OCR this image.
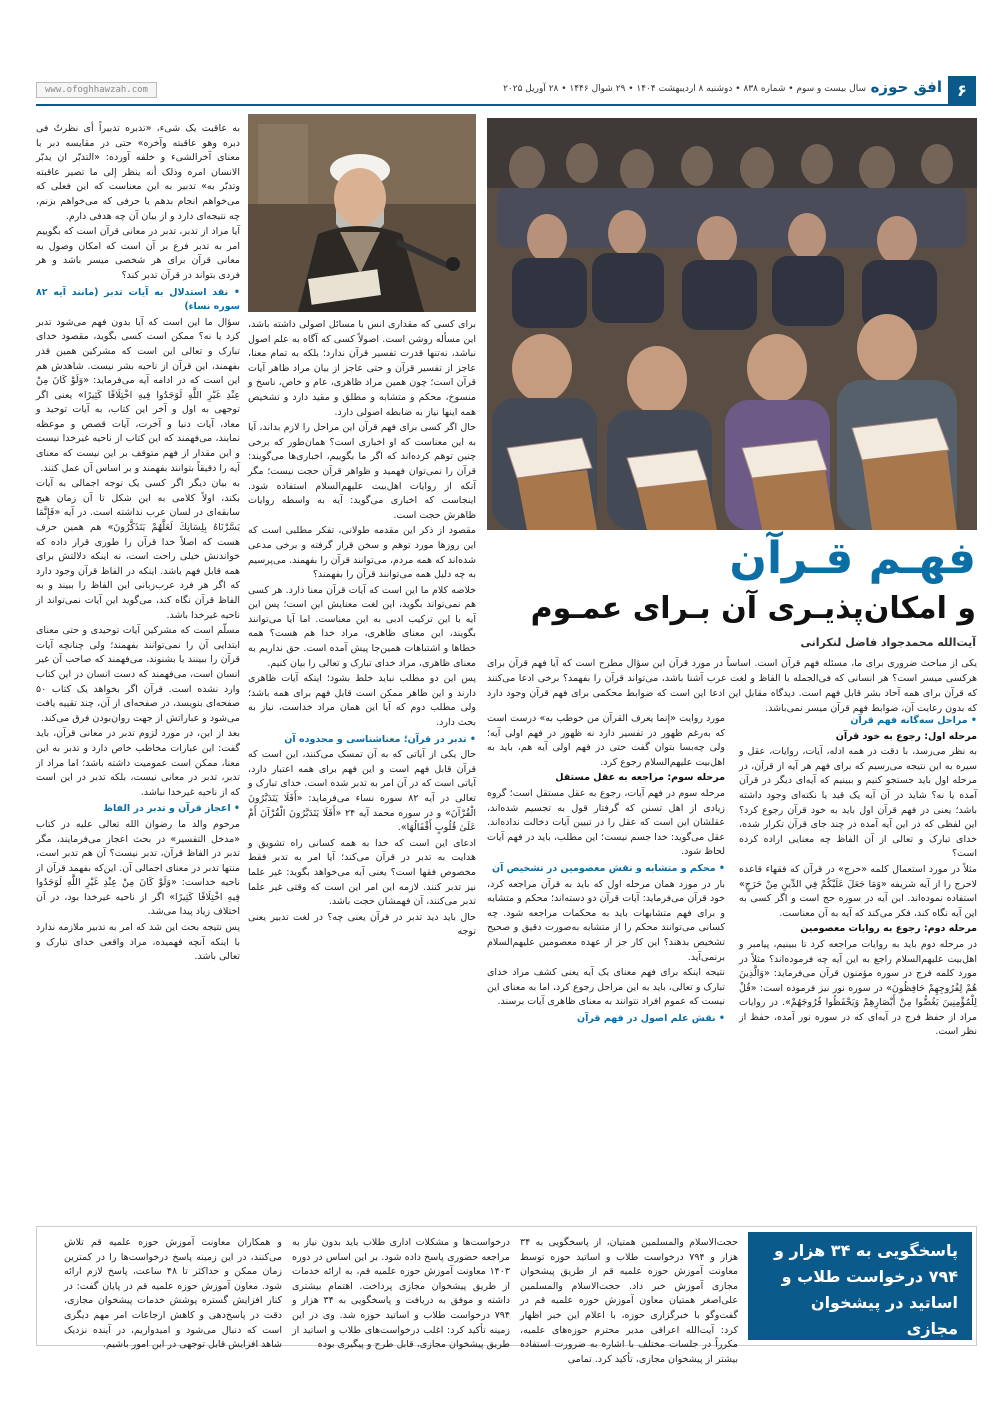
۶
افق حوزه
سال بیست و سوم • شماره ۸۳۸ • دوشنبه ۸ اردیبهشت ۱۴۰۴ • ۲۹ شوال ۱۴۴۶ • ۲۸ آوریل ۲۰۲۵
www.ofoghhawzah.com
فهـم قـرآن
و امکان‌پذیـری آن بـرای عمـوم
آیت‌الله محمدجواد فاضل لنکرانی
یکی از مباحث ضروری برای ما، مسئله فهم قرآن است. اساساً در مورد قرآن این سؤال مطرح است که آیا فهم قرآن برای هرکسی میسر است؟ هر انسانی که فی‌الجمله با الفاظ و لغت عرب آشنا باشد، می‌تواند قرآن را بفهمد؟ برخی ادعا می‌کنند که قرآن برای همه آحاد بشر قابل فهم است. دیدگاه مقابل این ادعا این است که ضوابط محکمی برای فهم قرآن وجود دارد که بدون رعایت آن، ضوابط فهم قرآن میسر نمی‌باشد.

به عاقبت یک شیء، «تدبره تدبیراً أی نظرتُ فی دبره وهو عاقبته وآخره» حتی در مقایسه دبر با معنای آخرالشیء و خلفه آورده: «التدبّر ان یدبّر الانسان امره وذلک أنه ینظر إلی ما تصیر عاقبته وتدبّر به» تدبیر به این معناست که این فعلی که می‌خواهم انجام بدهم یا حرفی که می‌خواهم بزنم، چه نتیجه‌ای دارد و از بیان آن چه هدفی دارم.

آیا مراد از تدبر، تدبر در معانی قرآن است که بگوییم امر به تدبر فرع بر آن است که امکان وصول به معانی قرآن برای هر شخصی میسر باشد و هر فردی بتواند در قرآن تدبر کند؟

• نقد استدلال به آیات تدبر (مانند آیه ۸۲ سوره نساء)

سؤال ما این است که آیا بدون فهم می‌شود تدبر کرد یا نه؟ ممکن است کسی بگوید، مقصود خدای تبارک و تعالی این است که مشرکین همین قدر بفهمند، این قرآن از ناحیه بشر نیست. شاهدش هم این است که در ادامه آیه می‌فرماید: «وَلَوْ كَانَ مِنْ عِنْدِ غَيْرِ اللَّهِ لَوَجَدُوا فِيهِ اخْتِلَافًا كَثِيرًا» یعنی اگر توجهی به اول و آخر این کتاب، به آیات توحید و معاد، آیات دنیا و آخرت، آیات قصص و موعظه نمایند، می‌فهمند که این کتاب از ناحیه غیرخدا نیست و این مقدار از فهم متوقف بر این نیست که معنای آیه را دقیقاً بتوانند بفهمند و بر اساس آن عمل کنند.

به بیان دیگر اگر کسی یک توجه اجمالی به آیات بکند، اولاً کلامی به این شکل تا آن زمان هیچ سابقه‌ای در لسان عرب نداشته است. در آیه «فَإِنَّمَا يَسَّرْنَاهُ بِلِسَانِكَ لَعَلَّهُمْ يَتَذَكَّرُونَ» هم همین حرف هست که اصلاً خدا قرآن را طوری قرار داده که خواندنش خیلی راحت است، نه اینکه دلالتش برای همه قابل فهم باشد. اینکه در الفاظ قرآن وجود دارد که اگر هر فرد عرب‌زبانی این الفاظ را ببیند و به الفاظ قرآن نگاه کند، می‌گوید این آیات نمی‌تواند از ناحیه غیرخدا باشد.

مسلّم است که مشرکین آیات توحیدی و حتی معنای ابتدایی آن را نمی‌توانند بفهمند؛ ولی چنانچه آیات قرآن را ببینند یا بشنوند، می‌فهمند که صاحب آن غیر انسان است، می‌فهمند که دست انسان در این کتاب وارد نشده است. قرآن اگر بخواهد یک کتاب ۵۰ صفحه‌ای بنویسد، در صفحه‌ای از آن، چند تقییه یافت می‌شود و عباراتش از جهت روان‌بودن فرق می‌کند.

بعد از این، در مورد لزوم تدبر در معانی قرآن، باید گفت: این عبارات مخاطب خاص دارد و تدبر به این معنا، ممکن است عمومیت داشته باشد؛ اما مراد از تدبر، تدبر در معانی نیست، بلکه تدبر در این است که از ناحیه غیرخدا نباشد.

• اعجاز قرآن و تدبر در الفاظ

مرحوم والد ما رضوان الله تعالی علیه در کتاب «مدخل التفسیر» در بحث اعجاز می‌فرمایند، مگر تدبر در الفاظ قرآن، تدبر نیست؟ آن هم تدبر است، منتها تدبر در معنای اجمالی آن. این‌که بفهمد قرآن از ناحیه خداست: «وَلَوْ كَانَ مِنْ عِنْدِ غَيْرِ اللَّهِ لَوَجَدُوا فِيهِ اخْتِلَافًا كَثِيرًا» اگر از ناحیه غیرخدا بود، در آن اختلاف زیاد پیدا می‌شد.

پس نتیجه بحث این شد که امر به تدبیر ملازمه ندارد با اینکه آنچه فهمیده، مراد واقعی خدای تبارک و تعالی باشد.

برای کسی که مقداری انس با مسائل اصولی داشته باشد، این مسأله روشن است. اصولاً کسی که آگاه به علم اصول نباشد، نه‌تنها قدرت تفسیر قرآن ندارد؛ بلکه به تمام معنا، عاجز از تفسیر قرآن و حتی عاجز از بیان مراد ظاهر آیات قرآن است؛ چون همین مراد ظاهری، عام و خاص، ناسخ و منسوخ، محکم و متشابه و مطلق و مقید دارد و تشخیص همه اینها نیاز به ضابطه اصولی دارد.

حال اگر کسی برای فهم قرآن این مراحل را لازم بداند، آیا به این معناست که او اخباری است؟ همان‌طور که برخی چنین توهم کرده‌اند که اگر ما بگوییم، اخباری‌ها می‌گویند: قرآن را نمی‌توان فهمید و ظواهر قرآن حجت نیست؛ مگر آنکه از روایات اهل‌بیت علیهم‌السلام استفاده شود. اینجاست که اخباری می‌گوید: آیه به واسطه روایات ظاهرش حجت است.

مقصود از ذکر این مقدمه طولانی، تفکر مطلبی است که این روزها مورد توهم و سخن قرار گرفته و برخی مدعی شده‌اند که همه مردم، می‌توانند قرآن را بفهمند. می‌پرسیم به چه دلیل همه می‌توانند قرآن را بفهمند؟

خلاصه کلام ما این است که آیات قرآن معنا دارد. هر کسی هم نمی‌تواند بگوید، این لغت معنایش این است؛ پس این آیه با این ترکیب ادبی به این معناست. اما آیا می‌توانند بگویند، این معنای ظاهری، مراد خدا هم هست؟ همه خطاها و اشتباهات همین‌جا پیش آمده است. حق نداریم به معنای ظاهری، مراد خدای تبارک و تعالی را بیان کنیم.

پس این دو مطلب نباید خلط بشود؛ اینکه آیات ظاهری دارند و این ظاهر ممکن است قابل فهم برای همه باشد؛ ولی مطلب دوم که آیا این همان مراد خداست، نیاز به بحث دارد.

• تدبر در قرآن؛ معناشناسی و محدوده آن

حال یکی از آیاتی که به آن تمسک می‌کنند، این است که قرآن قابل فهم است و این فهم برای همه اعتبار دارد، آیاتی است که در آن امر به تدبر شده است. خدای تبارک و تعالی در آیه ۸۲ سوره نساء می‌فرماید: «أَفَلَا يَتَدَبَّرُونَ الْقُرْآنَ» و در سوره محمد آیه ۲۴ «أَفَلَا يَتَدَبَّرُونَ الْقُرْآنَ أَمْ عَلَىٰ قُلُوبٍ أَقْفَالُهَا».

ادعای این است که خدا به همه کسانی راه تشویق و هدایت به تدبر در قرآن می‌کند؛ آیا امر به تدبر فقط مخصوص فقها است؟ یعنی آیه می‌خواهد بگوید: غیر علما نیز تدبر کنند. لازمه این امر این است که وقتی غیر علما تدبر می‌کنند، آن فهمشان حجت باشد.

حال باید دید تدبر در قرآن یعنی چه؟ در لغت تدبیر یعنی توجه

مورد روایت «إنما یعرف القرآن من خوطب به» درست است که به‌رغم ظهور در تفسیر دارد نه ظهور در فهم اولی آیه؛ ولی چه‌بسا بتوان گفت حتی در فهم اولی آیه هم، باید به اهل‌بیت علیهم‌السلام رجوع کرد.

مرحله سوم: مراجعه به عقل مستقل

مرحله سوم در فهم آیات، رجوع به عقل مستقل است؛ گروه زیادی از اهل تسنن که گرفتار قول به تجسیم شده‌اند، عقلشان این است که عقل را در تبیین آیات دخالت نداده‌اند. عقل می‌گوید: خدا جسم نیست؛ این مطلب، باید در فهم آیات لحاظ شود.

• محکم و متشابه و نقش معصومین در تشخیص آن

بار در مورد همان مرحله اول که باید به قرآن مراجعه کرد، خود قرآن می‌فرماید: آیات قرآن دو دسته‌اند؛ محکم و متشابه و برای فهم متشابهات باید به محکمات مراجعه شود. چه کسانی می‌توانند محکم را از متشابه به‌صورت دقیق و صحیح تشخیص بدهند؟ این کار جز از عهده معصومین علیهم‌السلام برنمی‌آید.

نتیجه اینکه برای فهم معنای یک آیه یعنی کشف مراد خدای تبارک و تعالی، باید به این مراحل رجوع کرد، اما به معنای این نیست که عموم افراد نتوانند به معنای ظاهری آیات برسند.

• نقش علم اصول در فهم قرآن

• مراحل سه‌گانه فهم قرآن

مرحله اول: رجوع به خود قرآن

به نظر می‌رسد، با دقت در همه ادله، آیات، روایات، عقل و سیره به این نتیجه می‌رسیم که برای فهم هر آیه از قرآن، در مرحله اول باید جستجو کنیم و ببینیم که آیه‌ای دیگر در قرآن آمده یا نه؟ شاید در آن آیه یک قید یا نکته‌ای وجود داشته باشد؛ یعنی در فهم قرآن اول باید به خود قرآن رجوع کرد؟ این لفظی که در این آیه آمده در چند جای قرآن تکرار شده، خدای تبارک و تعالی از آن الفاظ چه معنایی اراده کرده است؟

مثلاً در مورد استعمال کلمه «حرج» در قرآن که فقهاء قاعده لاحرج را از آیه شریفه «وَمَا جَعَلَ عَلَيْكُمْ فِي الدِّينِ مِنْ حَرَجٍ» استفاده نموده‌اند. این آیه در سوره حج است و اگر کسی به این آیه نگاه کند، فکر می‌کند که آیه به آن معناست.

مرحله دوم: رجوع به روایات معصومین

در مرحله دوم باید به روایات مراجعه کرد تا ببینیم، پیامبر و اهل‌بیت علیهم‌السلام راجع به این آیه چه فرموده‌اند؟ مثلاً در مورد کلمه فرج در سوره مؤمنون قرآن می‌فرماید: «وَالَّذِينَ هُمْ لِفُرُوجِهِمْ حَافِظُونَ» در سوره نور نیز فرموده است: «قُلْ لِلْمُؤْمِنِينَ يَغُضُّوا مِنْ أَبْصَارِهِمْ وَيَحْفَظُوا فُرُوجَهُمْ». در روایات مراد از حفظ فرج در آیه‌ای که در سوره نور آمده، حفظ از نظر است.

پاسخگویی به ۳۴ هزار و ۷۹۴ درخواست طلاب و اساتید در پیشخوان مجازی
حجت‌الاسلام والمسلمین همتیان، از پاسخگویی به ۳۴ هزار و ۷۹۴ درخواست طلاب و اساتید حوزه توسط معاونت آموزش حوزه علمیه قم از طریق پیشخوان مجازی آموزش خبر داد. حجت‌الاسلام والمسلمین علی‌اصغر همتیان معاون آموزش حوزه علمیه قم در گفت‌وگو با خبرگزاری حوزه، با اعلام این خبر اظهار کرد: آیت‌الله اعرافی مدیر محترم حوزه‌های علمیه، مکرراً در جلسات مختلف با اشاره به ضرورت استفاده بیشتر از پیشخوان مجازی، تأکید کرد. تمامی
درخواست‌ها و مشکلات اداری طلاب باید بدون نیاز به مراجعه حضوری پاسخ داده شود. بر این اساس در دوره ۱۴۰۳ معاونت آموزش حوزه علمیه قم، به ارائه خدمات از طریق پیشخوان مجازی پرداخت. اهتمام بیشتری داشته و موفق به دریافت و پاسخگویی به ۳۴ هزار و ۷۹۴ درخواست طلاب و اساتید حوزه شد. وی در این زمینه تأکید کرد: اغلب درخواست‌های طلاب و اساتید از طریق پیشخوان مجازی، قابل طرح و پیگیری بوده
و همکاران معاونت آموزش حوزه علمیه قم تلاش می‌کنند، در این زمینه پاسخ درخواست‌ها را در کمترین زمان ممکن و حداکثر تا ۴۸ ساعت، پاسخ لازم ارائه شود. معاون آموزش حوزه علمیه قم در پایان گفت: در کنار افزایش گستره پوشش خدمات پیشخوان مجازی، دقت در پاسخ‌دهی و کاهش ارجاعات امر مهم دیگری است که دنبال می‌شود و امیدواریم، در آینده نزدیک شاهد افزایش قابل توجهی در این امور باشیم.
